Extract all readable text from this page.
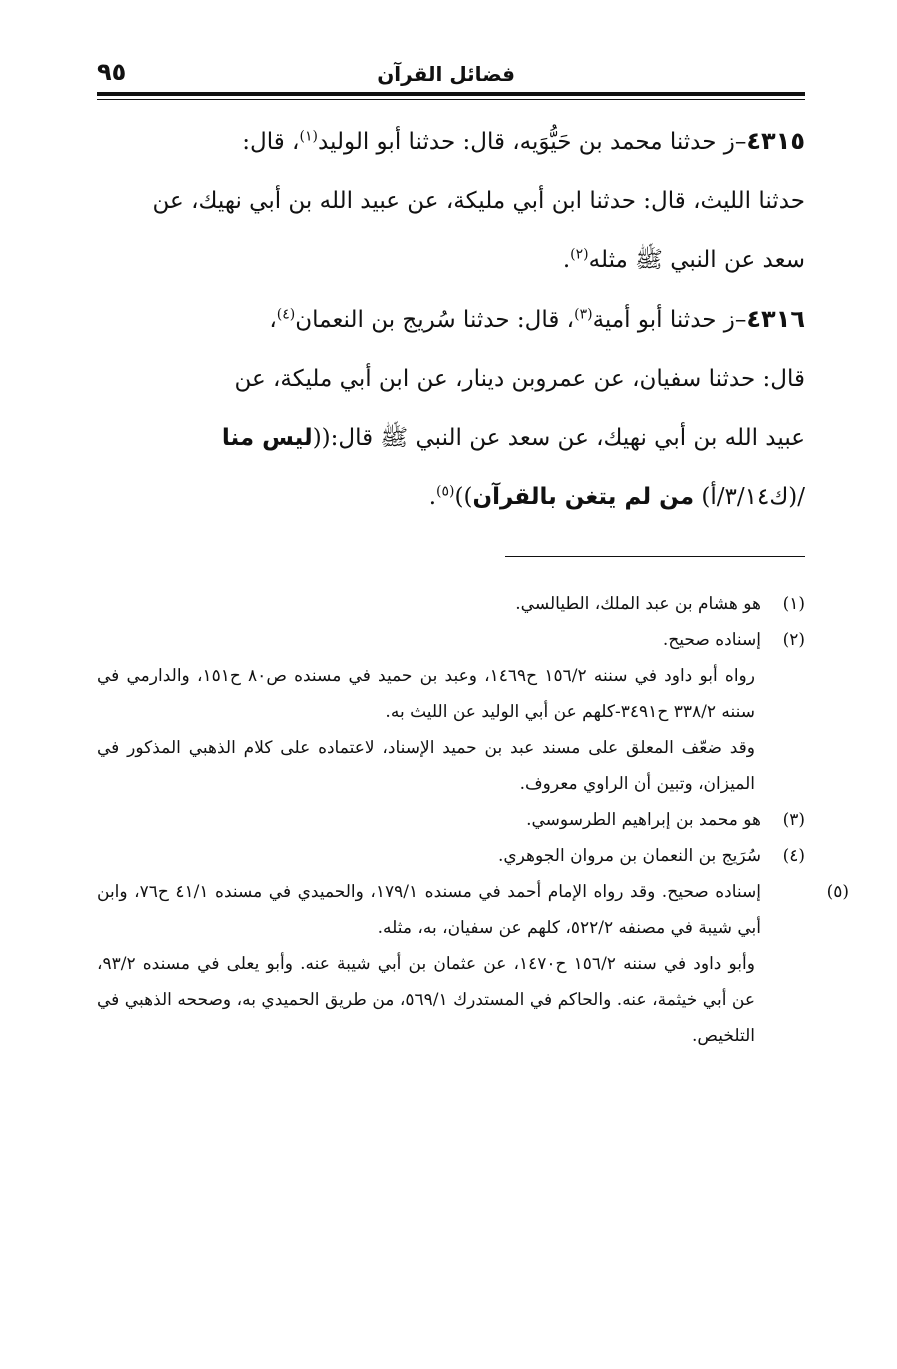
فضائل القرآن
٩٥

٤٣١٥–ز حدثنا محمد بن حَيُّوَيه، قال: حدثنا أبو الوليد$^{(١)}$، قال:

حدثنا الليث، قال: حدثنا ابن أبي مليكة، عن عبيد الله بن أبي نهيك، عن

سعد عن النبي ﷺ مثله$^{(٢)}$.

٤٣١٦–ز حدثنا أبو أمية$^{(٣)}$، قال: حدثنا سُريج بن النعمان$^{(٤)}$،

قال: حدثنا سفيان، عن عمروبن دينار، عن ابن أبي مليكة، عن

عبيد الله بن أبي نهيك، عن سعد عن النبي ﷺ قال:((ليس منا

/(ك٣/١٤/أ) من لم يتغن بالقرآن))$^{(٥)}$.

(١)هو هشام بن عبد الملك، الطيالسي.

(٢)إسناده صحيح.

رواه أبو داود في سننه ١٥٦/٢ ح١٤٦٩، وعبد بن حميد في مسنده ص٨٠ ح١٥١، والدارمي في سننه ٣٣٨/٢ ح٣٤٩١-كلهم عن أبي الوليد عن الليث به.

وقد ضعّف المعلق على مسند عبد بن حميد الإسناد، لاعتماده على كلام الذهبي المذكور في الميزان، وتبين أن الراوي معروف.

(٣)هو محمد بن إبراهيم الطرسوسي.

(٤)سُرَيج بن النعمان بن مروان الجوهري.

(٥)إسناده صحيح. وقد رواه الإمام أحمد في مسنده ١٧٩/١، والحميدي في مسنده ٤١/١ ح٧٦، وابن أبي شيبة في مصنفه ٥٢٢/٢، كلهم عن سفيان، به، مثله.

وأبو داود في سننه ١٥٦/٢ ح١٤٧٠، عن عثمان بن أبي شيبة عنه. وأبو يعلى في مسنده ٩٣/٢، عن أبي خيثمة، عنه. والحاكم في المستدرك ٥٦٩/١، من طريق الحميدي به، وصححه الذهبي في التلخيص.
